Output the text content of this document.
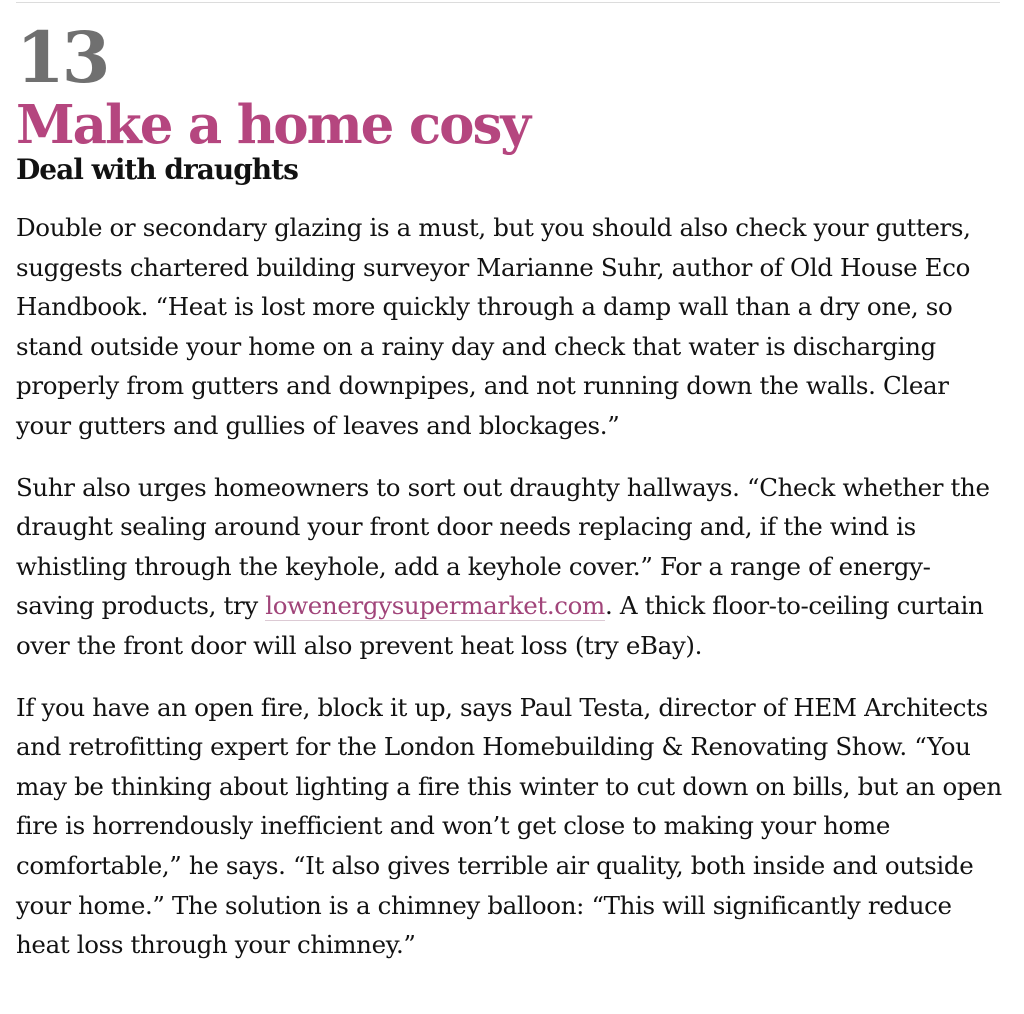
13
Make a home cosy
Deal with draughts

Double or secondary glazing is a must, but you should also check your gutters, suggests chartered building surveyor Marianne Suhr, author of Old House Eco Handbook. “Heat is lost more quickly through a damp wall than a dry one, so stand outside your home on a rainy day and check that water is discharging properly from gutters and downpipes, and not running down the walls. Clear your gutters and gullies of leaves and blockages.”

Suhr also urges homeowners to sort out draughty hallways. “Check whether the draught sealing around your front door needs replacing and, if the wind is whistling through the keyhole, add a keyhole cover.” For a range of energy-saving products, try lowenergysupermarket.com. A thick floor-to-ceiling curtain over the front door will also prevent heat loss (try eBay).

If you have an open fire, block it up, says Paul Testa, director of HEM Architects and retrofitting expert for the London Homebuilding & Renovating Show. “You may be thinking about lighting a fire this winter to cut down on bills, but an open fire is horrendously inefficient and won’t get close to making your home comfortable,” he says. “It also gives terrible air quality, both inside and outside your home.” The solution is a chimney balloon: “This will significantly reduce heat loss through your chimney.”
